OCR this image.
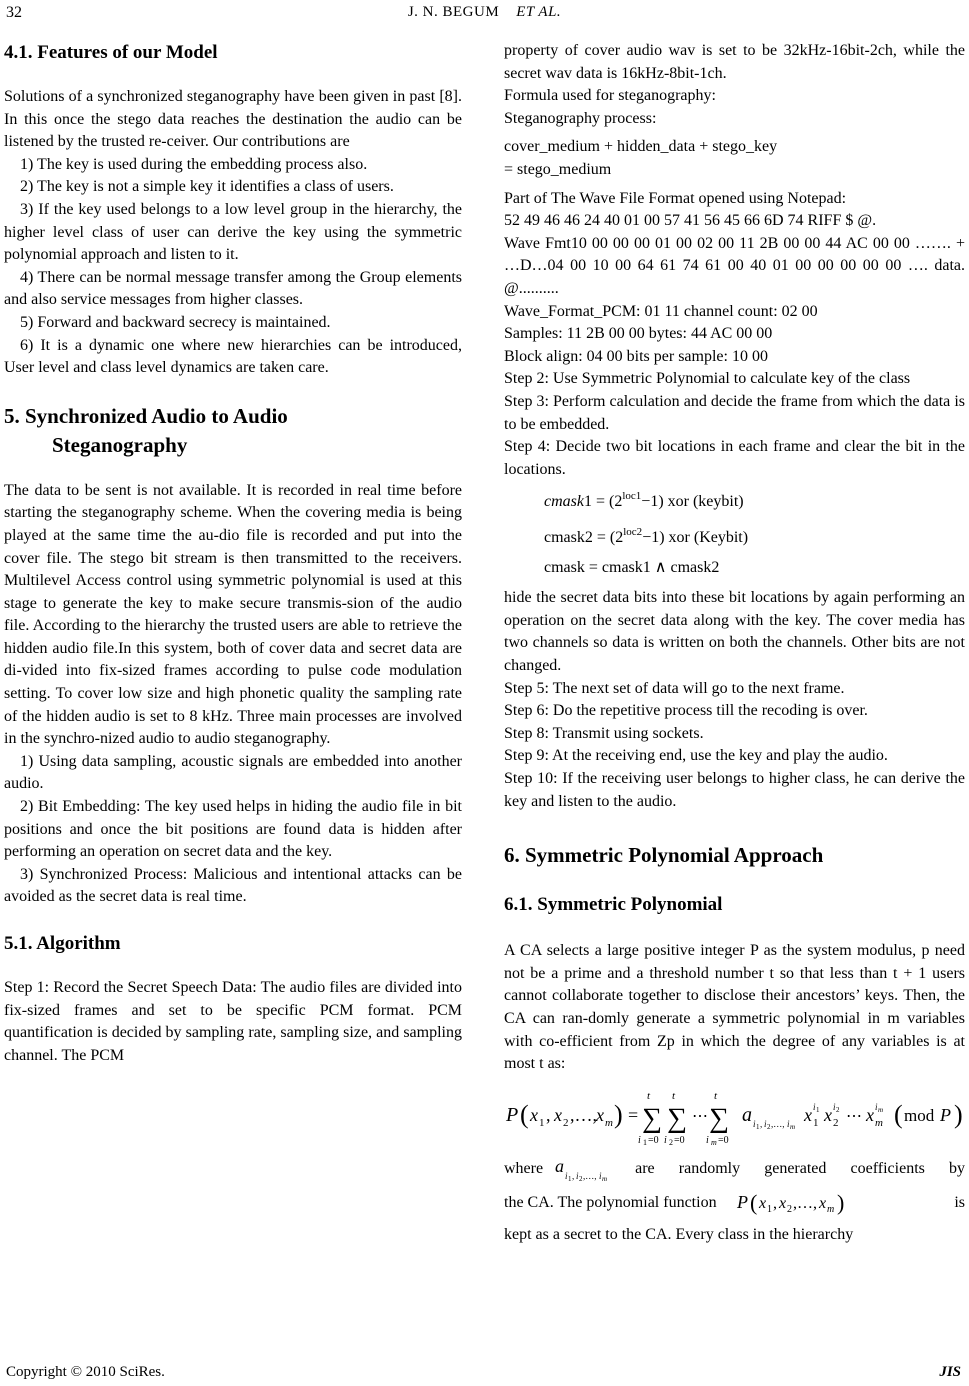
32	J. N. BEGUM ET AL.
4.1. Features of our Model

Solutions of a synchronized steganography have been given in past [8]. In this once the stego data reaches the destination the audio can be listened by the trusted re-ceiver. Our contributions are

1) The key is used during the embedding process also.

2) The key is not a simple key it identifies a class of users.

3) If the key used belongs to a low level group in the hierarchy, the higher level class of user can derive the key using the symmetric polynomial approach and listen to it.

4) There can be normal message transfer among the Group elements and also service messages from higher classes.

5) Forward and backward secrecy is maintained.

6) It is a dynamic one where new hierarchies can be introduced, User level and class level dynamics are taken care.

5. Synchronized Audio to Audio
Steganography

The data to be sent is not available. It is recorded in real time before starting the steganography scheme. When the covering media is being played at the same time the au-dio file is recorded and put into the cover file. The stego bit stream is then transmitted to the receivers. Multilevel Access control using symmetric polynomial is used at this stage to generate the key to make secure transmis-sion of the audio file. According to the hierarchy the trusted users are able to retrieve the hidden audio file.In this system, both of cover data and secret data are di-vided into fix-sized frames according to pulse code modulation setting. To cover low size and high phonetic quality the sampling rate of the hidden audio is set to 8 kHz. Three main processes are involved in the synchro-nized audio to audio steganography.

1) Using data sampling, acoustic signals are embedded into another audio.

2) Bit Embedding: The key used helps in hiding the audio file in bit positions and once the bit positions are found data is hidden after performing an operation on secret data and the key.

3) Synchronized Process: Malicious and intentional attacks can be avoided as the secret data is real time.

5.1. Algorithm

Step 1: Record the Secret Speech Data: The audio files are divided into fix-sized frames and set to be specific PCM format. PCM quantification is decided by sampling rate, sampling size, and sampling channel. The PCM

property of cover audio wav is set to be 32kHz-16bit-2ch, while the secret wav data is 16kHz-8bit-1ch.

Formula used for steganography:

Steganography process:

cover_medium + hidden_data + stego_key

= stego_medium

Part of The Wave File Format opened using Notepad:

52 49 46 46 24 40 01 00 57 41 56 45 66 6D 74 RIFF $ @.

Wave Fmt10 00 00 00 01 00 02 00 11 2B 00 00 44 AC 00 00 ……. + …D…04 00 10 00 64 61 74 61 00 40 01 00 00 00 00 00 …. data. @..........

Wave_Format_PCM: 01 11 channel count: 02 00

Samples: 11 2B 00 00 bytes: 44 AC 00 00

Block align: 04 00 bits per sample: 10 00

Step 2: Use Symmetric Polynomial to calculate key of the class

Step 3: Perform calculation and decide the frame from which the data is to be embedded.

Step 4: Decide two bit locations in each frame and clear the bit in the locations.

cmask1 = $(2^{loc1}-1)$ xor (keybit)
cmask2 = $(2^{loc2}-1)$ xor (Keybit)
cmask = cmask1 ∧ cmask2

hide the secret data bits into these bit locations by again performing an operation on the secret data along with the key. The cover media has two channels so data is written on both the channels. Other bits are not changed.

Step 5: The next set of data will go to the next frame.

Step 6: Do the repetitive process till the recoding is over.

Step 8: Transmit using sockets.

Step 9: At the receiving end, use the key and play the audio.

Step 10: If the receiving user belongs to higher class, he can derive the key and listen to the audio.

6. Symmetric Polynomial Approach
6.1. Symmetric Polynomial

A CA selects a large positive integer P as the system modulus, p need not be a prime and a threshold number t so that less than t + 1 users cannot collaborate together to disclose their ancestors’ keys. Then, the CA can ran-domly generate a symmetric polynomial in m variables with co-efficient from Zp in which the degree of any variables is at most t as:

P ( x 1 , x 2 ,…, x m ) =
t
∑
i 1 =0
t
∑
i 2 =0
⋯
t
∑
i m =0
a i 1 , i 2 ,…, i m
x 1
i 1 x 2
i 2 ⋯ x m
i m ( mod P )
where a i 1 , i 2 ,…, i m
are randomly generated coefficients by
the CA. The polynomial function P ( x 1 , x 2 ,…, x m )	is

kept as a secret to the CA. Every class in the hierarchy

Copyright © 2010 SciRes.	JIS
